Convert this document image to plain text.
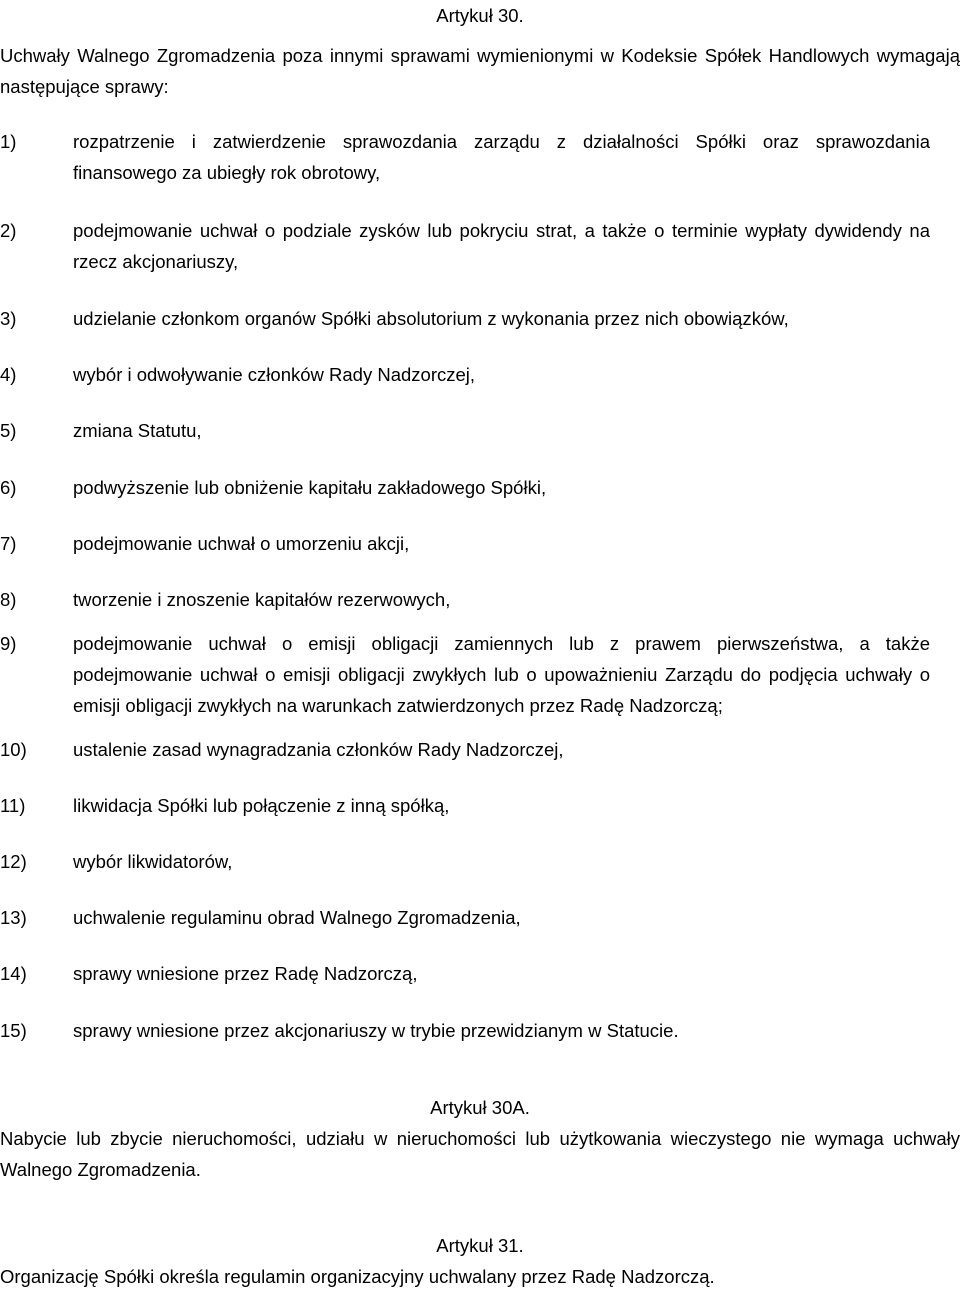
Artykuł 30.
Uchwały Walnego Zgromadzenia poza innymi sprawami wymienionymi w Kodeksie Spółek Handlowych wymagają następujące sprawy:
1)	rozpatrzenie i zatwierdzenie sprawozdania zarządu z działalności Spółki oraz sprawozdania finansowego za ubiegły rok obrotowy,
2)	podejmowanie uchwał o podziale zysków lub pokryciu strat, a także o terminie wypłaty dywidendy na rzecz akcjonariuszy,
3)	udzielanie członkom organów Spółki absolutorium z wykonania przez nich obowiązków,
4)	wybór i odwoływanie członków Rady Nadzorczej,
5)	zmiana Statutu,
6)	podwyższenie lub obniżenie kapitału zakładowego Spółki,
7)	podejmowanie uchwał o umorzeniu akcji,
8)	tworzenie i znoszenie kapitałów rezerwowych,
9)	podejmowanie uchwał o emisji obligacji zamiennych lub z prawem pierwszeństwa, a także podejmowanie uchwał o emisji obligacji zwykłych lub o upoważnieniu Zarządu do podjęcia uchwały o emisji obligacji zwykłych na warunkach zatwierdzonych przez Radę Nadzorczą;
10)	ustalenie zasad wynagradzania członków Rady Nadzorczej,
11)	likwidacja Spółki lub połączenie z inną spółką,
12)	wybór likwidatorów,
13)	uchwalenie regulaminu obrad Walnego Zgromadzenia,
14)	sprawy wniesione przez Radę Nadzorczą,
15)	sprawy wniesione przez akcjonariuszy w trybie przewidzianym w Statucie.
Artykuł 30A.
Nabycie lub zbycie nieruchomości, udziału w nieruchomości lub użytkowania wieczystego nie wymaga uchwały Walnego Zgromadzenia.
Artykuł 31.
Organizację Spółki określa regulamin organizacyjny uchwalany przez Radę Nadzorczą.
